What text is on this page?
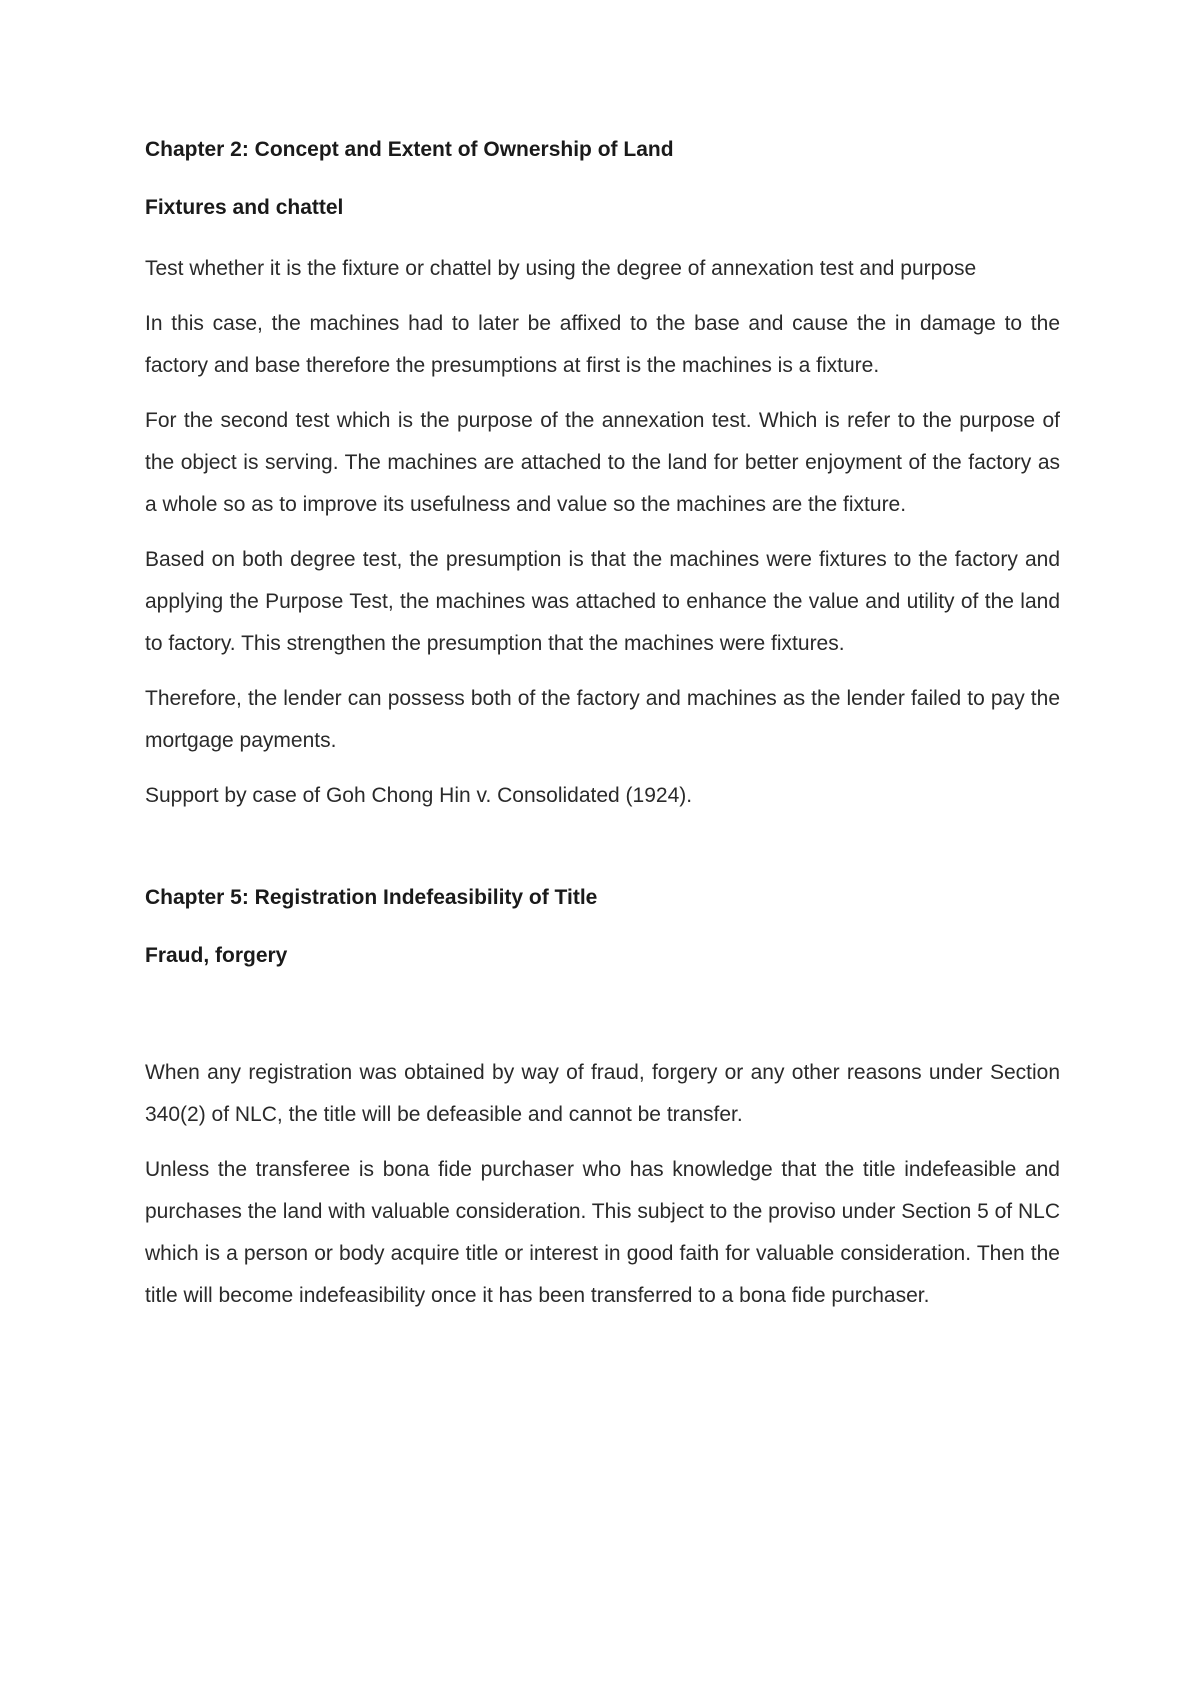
Chapter 2: Concept and Extent of Ownership of Land
Fixtures and chattel

Test whether it is the fixture or chattel by using the degree of annexation test and purpose

In this case, the machines had to later be affixed to the base and cause the in damage to the factory and base therefore the presumptions at first is the machines is a fixture.

For the second test which is the purpose of the annexation test. Which is refer to the purpose of the object is serving. The machines are attached to the land for better enjoyment of the factory as a whole so as to improve its usefulness and value so the machines are the fixture.

Based on both degree test, the presumption is that the machines were fixtures to the factory and applying the Purpose Test, the machines was attached to enhance the value and utility of the land to factory. This strengthen the presumption that the machines were fixtures.

Therefore, the lender can possess both of the factory and machines as the lender failed to pay the mortgage payments.

Support by case of Goh Chong Hin v. Consolidated (1924).

Chapter 5: Registration Indefeasibility of Title
Fraud, forgery

When any registration was obtained by way of fraud, forgery or any other reasons under Section 340(2) of NLC, the title will be defeasible and cannot be transfer.

Unless the transferee is bona fide purchaser who has knowledge that the title indefeasible and purchases the land with valuable consideration. This subject to the proviso under Section 5 of NLC which is a person or body acquire title or interest in good faith for valuable consideration. Then the title will become indefeasibility once it has been transferred to a bona fide purchaser.
